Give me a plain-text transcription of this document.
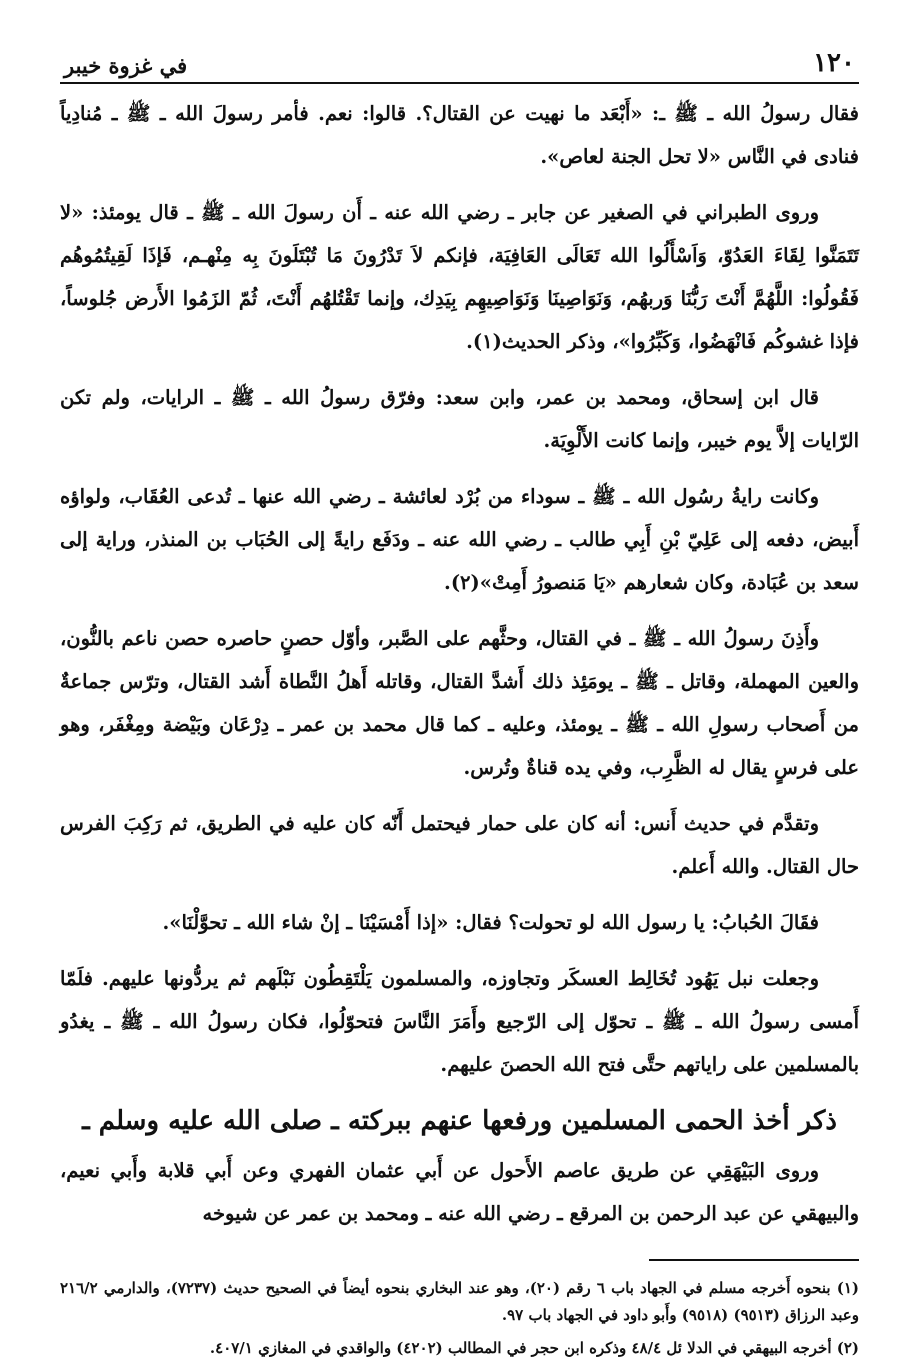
١٢٠
في غزوة خيبر

فقال رسولُ الله ـ ﷺ ـ: «أَبْعَد ما نهيت عن القتال؟. قالوا: نعم. فأمر رسولَ الله ـ ﷺ ـ مُنادِياً فنادى في النَّاس «لا تحل الجنة لعاص».

وروى الطبراني في الصغير عن جابر ـ رضي الله عنه ـ أَن رسولَ الله ـ ﷺ ـ قال يومئذ: «لا تَتَمَنَّوا لِقَاءَ العَدُوّ، وَاَسْأَلُوا الله تَعَالَى العَافِيَة، فإنكم لاَ تَدْرُونَ مَا تُبْتَلَونَ بِه مِنْهـم، فَإذَا لَقِيتُمُوهُم فَقُولُوا: اللَّهُمَّ أَنْتَ رَبُّنَا وَربهُم، وَنَوَاصِينَا وَنَوَاصِيهِم بِيَدِك، وإنما تَقْتُلهُم أَنْتَ، ثُمّ الزَمُوا الأَرض جُلوساً، فإذا غشوكُم فَانْهَضُوا، وَكَبِّرُوا»، وذكر الحديث(١).

قال ابن إسحاق، ومحمد بن عمر، وابن سعد: وفرّق رسولُ الله ـ ﷺ ـ الرايات، ولم تكن الرّايات إلاَّ يوم خيبر، وإنما كانت الأَلْوِيَة.

وكانت رايةُ رسُول الله ـ ﷺ ـ سوداء من بُرْد لعائشة ـ رضي الله عنها ـ تُدعى العُقَاب، ولواؤه أَبيض، دفعه إلى عَلِيّ بْنِ أَبِي طالب ـ رضي الله عنه ـ ودَفَع رايةً إلى الحُبَاب بن المنذر، وراية إلى سعد بن عُبَادة، وكان شعارهم «يَا مَنصورُ أَمِتْ»(٢).

وأَذِنَ رسولُ الله ـ ﷺ ـ في القتال، وحثَّهم على الصَّبر، وأوّل حصنٍ حاصره حصن ناعم بالنُّون، والعين المهملة، وقاتل ـ ﷺ ـ يومَئِذ ذلك أَشدَّ القتال، وقاتله أَهلُ النَّطاة أَشد القتال، وترّس جماعةٌ من أَصحاب رسولِ الله ـ ﷺ ـ يومئذ، وعليه ـ كما قال محمد بن عمر ـ دِرْعَان وبَيْضة ومِغْفَر، وهو على فرسٍ يقال له الظَّرِب، وفي يده قناةٌ وتُرس.

وتقدَّم في حديث أَنس: أنه كان على حمار فيحتمل أَنّه كان عليه في الطريق، ثم رَكِبَ الفرس حال القتال. والله أَعلم.

فقَالَ الحُبابُ: يا رسول الله لو تحولت؟ فقال: «إذا أَمْسَيْنَا ـ إنْ شاء الله ـ تحوَّلْنَا».

وجعلت نبل يَهُود تُخَالِط العسكَر وتجاوزه، والمسلمون يَلْتَقِطُون نَبْلَهم ثم يردُّونها عليهم. فلَمّا أَمسى رسولُ الله ـ ﷺ ـ تحوّل إلى الرّجيع وأَمَرَ النَّاسَ فتحوّلُوا، فكان رسولُ الله ـ ﷺ ـ يغدُو بالمسلمين على راياتهم حتَّى فتح الله الحصنَ عليهم.

ذكر أخذ الحمى المسلمين ورفعها عنهم ببركته ـ صلى الله عليه وسلم ـ

وروى البَيْهَقِي عن طريق عاصم الأَحول عن أَبي عثمان الفهري وعن أَبي قلابة وأَبي نعيم، والبيهقي عن عبد الرحمن بن المرقع ـ رضي الله عنه ـ ومحمد بن عمر عن شيوخه

(١) بنحوه أَخرجه مسلم في الجهاد باب ٦ رقم (٢٠)، وهو عند البخاري بنحوه أيضاً في الصحيح حديث (٧٢٣٧)، والدارمي ٢١٦/٢ وعبد الرزاق (٩٥١٣) (٩٥١٨) وأَبو داود في الجهاد باب ٩٧.

(٢) أخرجه البيهقي في الدلا ئل ٤٨/٤ وذكره ابن حجر في المطالب (٤٢٠٢) والواقدي في المغازي ٤٠٧/١.
